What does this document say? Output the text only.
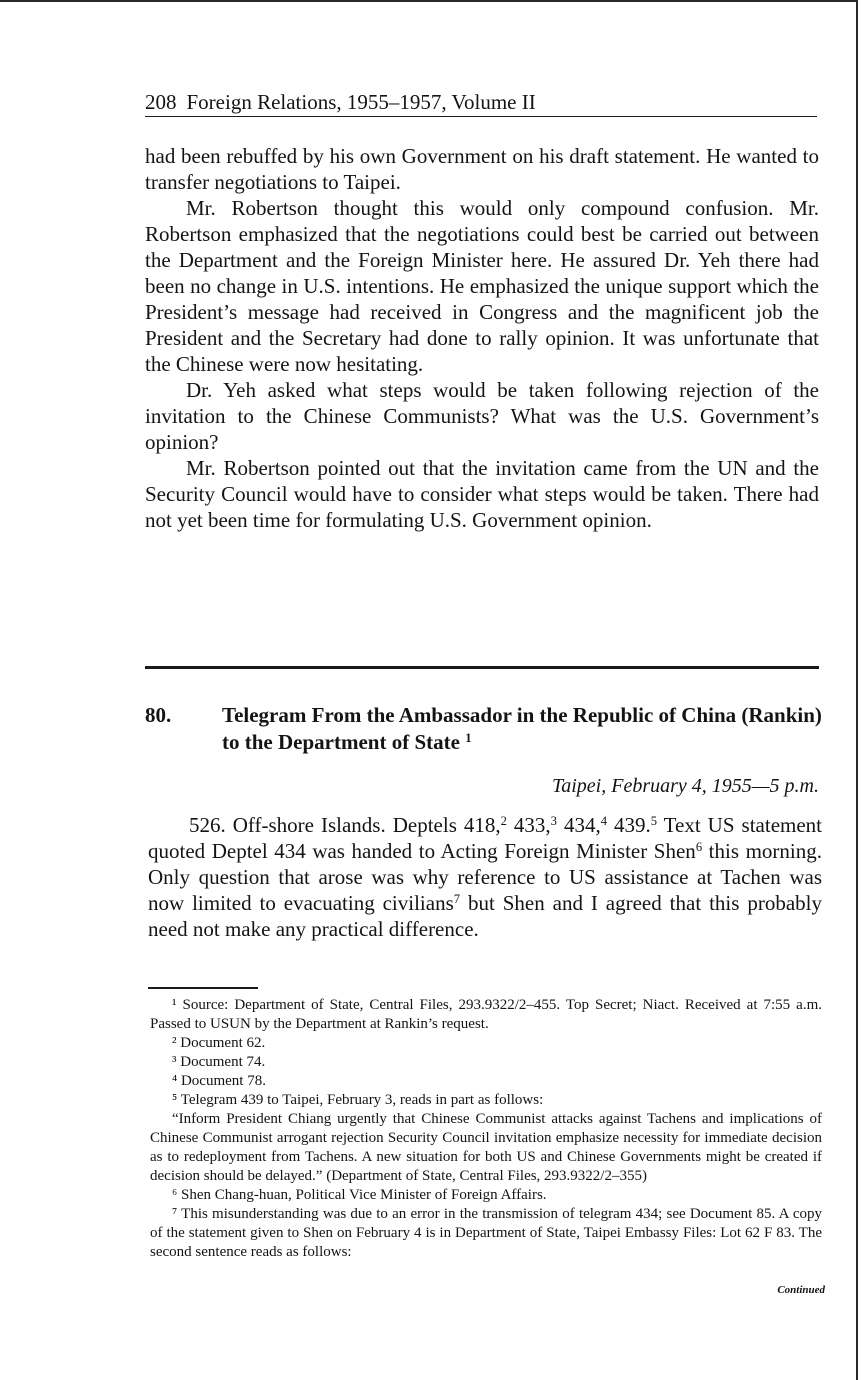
208 Foreign Relations, 1955–1957, Volume II

had been rebuffed by his own Government on his draft statement. He wanted to transfer negotiations to Taipei.

Mr. Robertson thought this would only compound confusion. Mr. Robertson emphasized that the negotiations could best be carried out between the Department and the Foreign Minister here. He assured Dr. Yeh there had been no change in U.S. intentions. He emphasized the unique support which the President’s message had received in Congress and the magnificent job the President and the Secretary had done to rally opinion. It was unfortunate that the Chinese were now hesitating.

Dr. Yeh asked what steps would be taken following rejection of the invitation to the Chinese Communists? What was the U.S. Government’s opinion?

Mr. Robertson pointed out that the invitation came from the UN and the Security Council would have to consider what steps would be taken. There had not yet been time for formulating U.S. Government opinion.

80. Telegram From the Ambassador in the Republic of China (Rankin) to the Department of State $^1$
Taipei, February 4, 1955—5 p.m.

526. Off-shore Islands. Deptels 418,$^2$ 433,$^3$ 434,$^4$ 439.$^5$ Text US statement quoted Deptel 434 was handed to Acting Foreign Minister Shen$^6$ this morning. Only question that arose was why reference to US assistance at Tachen was now limited to evacuating civilians$^7$ but Shen and I agreed that this probably need not make any practical difference.

¹ Source: Department of State, Central Files, 293.9322/2–455. Top Secret; Niact. Received at 7:55 a.m. Passed to USUN by the Department at Rankin’s request.

² Document 62.

³ Document 74.

⁴ Document 78.

⁵ Telegram 439 to Taipei, February 3, reads in part as follows:

“Inform President Chiang urgently that Chinese Communist attacks against Tachens and implications of Chinese Communist arrogant rejection Security Council invitation emphasize necessity for immediate decision as to redeployment from Tachens. A new situation for both US and Chinese Governments might be created if decision should be delayed.” (Department of State, Central Files, 293.9322/2–355)

⁶ Shen Chang-huan, Political Vice Minister of Foreign Affairs.

⁷ This misunderstanding was due to an error in the transmission of telegram 434; see Document 85. A copy of the statement given to Shen on February 4 is in Department of State, Taipei Embassy Files: Lot 62 F 83. The second sentence reads as follows:

Continued
